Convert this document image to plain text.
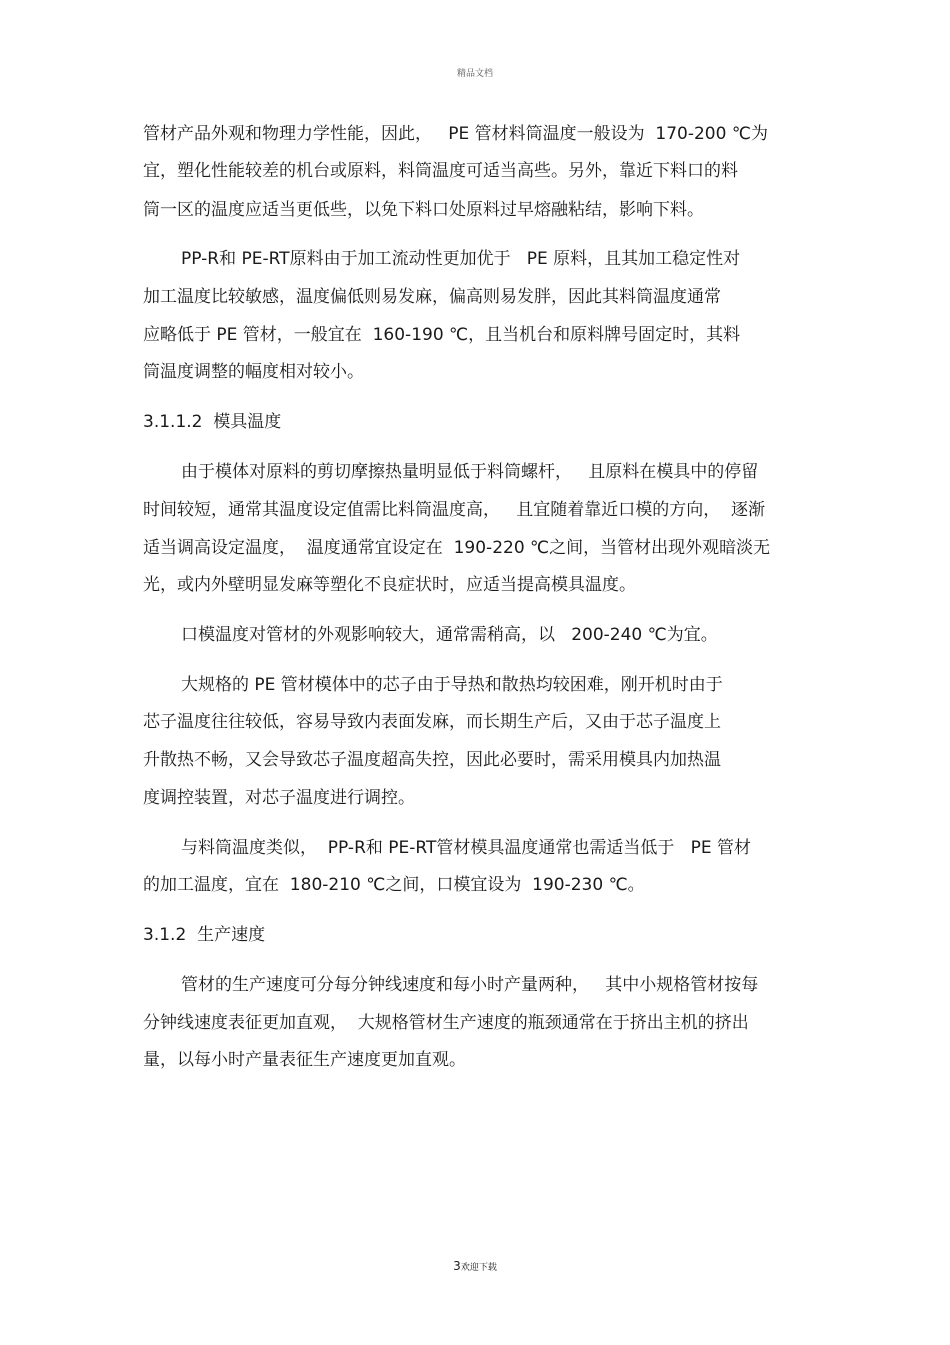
精品文档
管材产品外观和物理力学性能，因此，   PE 管材料筒温度一般设为  170-200 ℃为
宜，塑化性能较差的机台或原料，料筒温度可适当高些。另外，靠近下料口的料
筒一区的温度应适当更低些，以免下料口处原料过早熔融粘结，影响下料。
PP-R和 PE-RT原料由于加工流动性更加优于   PE 原料，且其加工稳定性对
加工温度比较敏感，温度偏低则易发麻，偏高则易发胖，因此其料筒温度通常
应略低于 PE 管材，一般宜在  160-190 ℃，且当机台和原料牌号固定时，其料
筒温度调整的幅度相对较小。
3.1.1.2  模具温度
由于模体对原料的剪切摩擦热量明显低于料筒螺杆，   且原料在模具中的停留
时间较短，通常其温度设定值需比料筒温度高，   且宜随着靠近口模的方向，  逐渐
适当调高设定温度，  温度通常宜设定在  190-220 ℃之间，当管材出现外观暗淡无
光，或内外壁明显发麻等塑化不良症状时，应适当提高模具温度。
口模温度对管材的外观影响较大，通常需稍高，以   200-240 ℃为宜。
大规格的 PE 管材模体中的芯子由于导热和散热均较困难，刚开机时由于
芯子温度往往较低，容易导致内表面发麻，而长期生产后，又由于芯子温度上
升散热不畅，又会导致芯子温度超高失控，因此必要时，需采用模具内加热温
度调控装置，对芯子温度进行调控。
与料筒温度类似，  PP-R和 PE-RT管材模具温度通常也需适当低于   PE 管材
的加工温度，宜在  180-210 ℃之间，口模宜设为  190-230 ℃。
3.1.2  生产速度
管材的生产速度可分每分钟线速度和每小时产量两种，   其中小规格管材按每
分钟线速度表征更加直观，  大规格管材生产速度的瓶颈通常在于挤出主机的挤出
量，以每小时产量表征生产速度更加直观。
3欢迎下载
